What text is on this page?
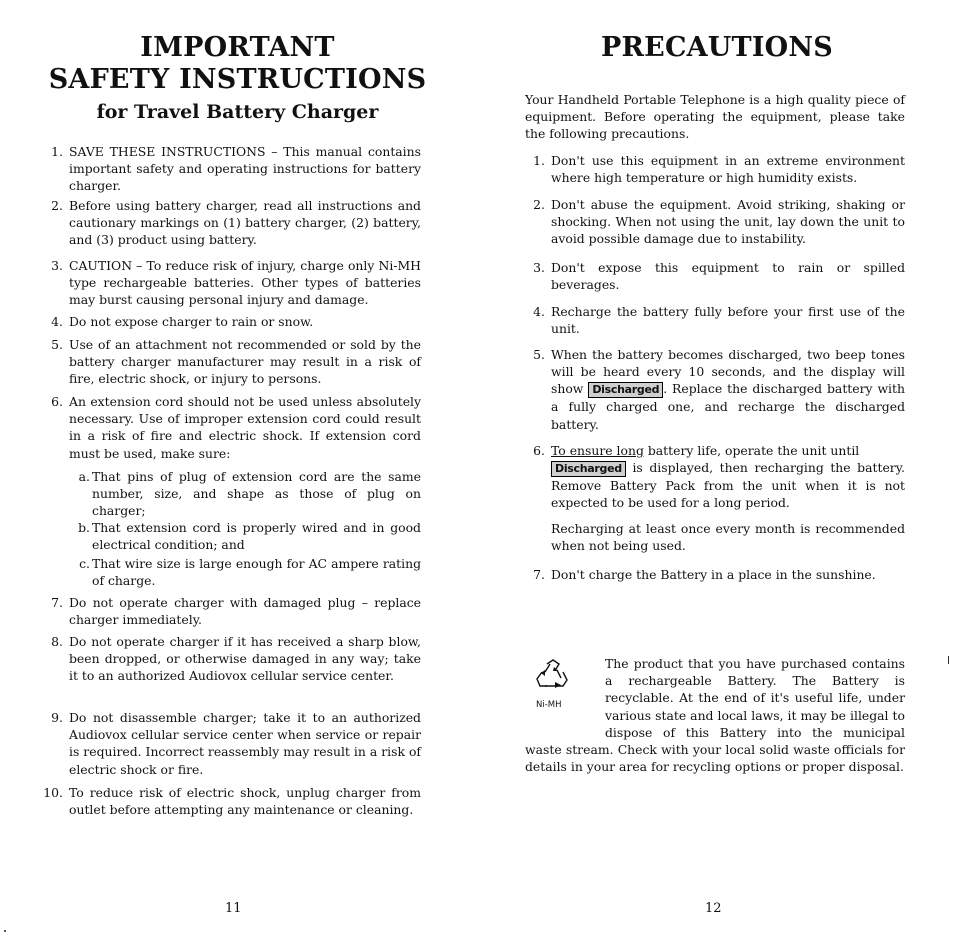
IMPORTANT
SAFETY INSTRUCTIONS
for Travel Battery Charger
1. SAVE THESE INSTRUCTIONS – This manual contains important safety and operating instructions for battery charger.
2. Before using battery charger, read all instructions and cautionary markings on (1) battery charger, (2) battery, and (3) product using battery.
3. CAUTION – To reduce risk of injury, charge only Ni-MH type rechargeable batteries. Other types of batteries may burst causing personal injury and damage.
4. Do not expose charger to rain or snow.
5. Use of an attachment not recommended or sold by the battery charger manufacturer may result in a risk of fire, electric shock, or injury to persons.
6. An extension cord should not be used unless absolutely necessary. Use of improper extension cord could result in a risk of fire and electric shock. If extension cord must be used, make sure:
a. That pins of plug of extension cord are the same number, size, and shape as those of plug on charger;
b. That extension cord is properly wired and in good electrical condition; and
c. That wire size is large enough for AC ampere rating of charge.
7. Do not operate charger with damaged plug – replace charger immediately.
8. Do not operate charger if it has received a sharp blow, been dropped, or otherwise damaged in any way; take it to an authorized Audiovox cellular service center.
9. Do not disassemble charger; take it to an authorized Audiovox cellular service center when service or repair is required. Incorrect reassembly may result in a risk of electric shock or fire.
10. To reduce risk of electric shock, unplug charger from outlet before attempting any maintenance or cleaning.
11
PRECAUTIONS
Your Handheld Portable Telephone is a high quality piece of equipment. Before operating the equipment, please take the following precautions.
1. Don't use this equipment in an extreme environment where high temperature or high humidity exists.
2. Don't abuse the equipment. Avoid striking, shaking or shocking. When not using the unit, lay down the unit to avoid possible damage due to instability.
3. Don't expose this equipment to rain or spilled beverages.
4. Recharge the battery fully before your first use of the unit.
5. When the battery becomes discharged, two beep tones will be heard every 10 seconds, and the display will show Discharged . Replace the discharged battery with a fully charged one, and recharge the discharged battery.
6. To ensure long battery life, operate the unit until
Discharged is displayed, then recharging the battery. Remove Battery Pack from the unit when it is not expected to be used for a long period.
Recharging at least once every month is recommended when not being used.
7. Don't charge the Battery in a place in the sunshine.
Ni-MH
The product that you have purchased contains a rechargeable Battery. The Battery is recyclable. At the end of it's useful life, under various state and local laws, it may be illegal to dispose of this Battery into the municipal waste stream. Check with your local solid waste officials for details in your area for recycling options or proper disposal.
12
